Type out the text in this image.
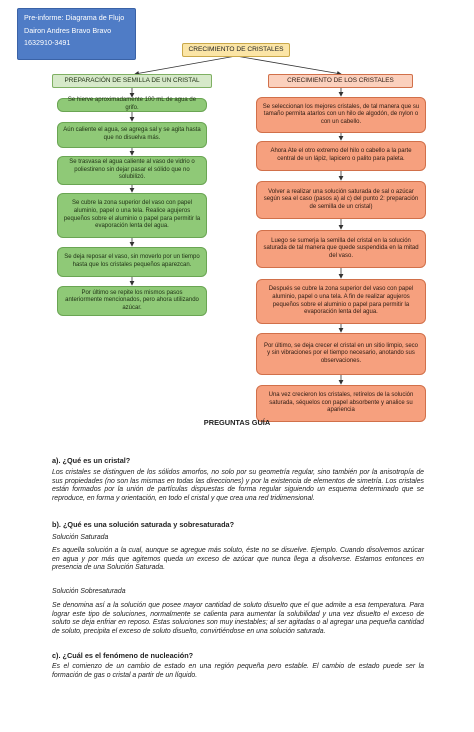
Pre-informe: Diagrama de Flujo
Dairon Andres Bravo Bravo
1632910-3491
CRECIMIENTO DE CRISTALES
PREPARACIÓN DE SEMILLA DE UN CRISTAL
Se hierve aproximadamente 100 mL de agua de grifo.
Aún caliente el agua, se agrega sal y se agita hasta que no disuelva más.
Se trasvasa el agua caliente al vaso de vidrio o poliestireno sin dejar pasar el sólido que no solubilizó.
Se cubre la zona superior del vaso con papel aluminio, papel o una tela. Realice agujeros pequeños sobre el aluminio o papel para permitir la evaporación lenta del agua.
Se deja reposar el vaso, sin moverlo por un tiempo hasta que los cristales pequeños aparezcan.
Por último se repite los mismos pasos anteriormente mencionados, pero ahora utilizando azúcar.
CRECIMIENTO DE LOS CRISTALES
Se seleccionan los mejores cristales, de tal manera que su tamaño permita atarlos con un hilo de algodón, de nylon o con un cabello.
Ahora Ate el otro extremo del hilo o cabello a la parte central de un lápiz, lapicero o palito para paleta.
Volver a realizar una solución saturada de sal o azúcar según sea el caso (pasos a) al c) del punto 2: preparación de semilla de un cristal)
Luego se sumerja la semilla del cristal en la solución saturada de tal manera que quede suspendida en la mitad del vaso.
Después se cubre la zona superior del vaso con papel aluminio, papel o una tela. A fin de realizar agujeros pequeños sobre el aluminio o papel para permitir la evaporación lenta del agua.
Por último, se deja crecer el cristal en un sitio limpio, seco y sin vibraciones por el tiempo necesario, anotando sus observaciones.
Una vez crecieron los cristales, retírelos de la solución saturada, séquelos con papel absorbente y analice su apariencia
PREGUNTAS GUÍA
a). ¿Qué es un cristal?
Los cristales se distinguen de los sólidos amorfos, no solo por su geometría regular, sino también por la anisotropía de sus propiedades (no son las mismas en todas las direcciones) y por la existencia de elementos de simetría. Los cristales están formados por la unión de partículas dispuestas de forma regular siguiendo un esquema determinado que se reproduce, en forma y orientación, en todo el cristal y que crea una red tridimensional.
b). ¿Qué es una solución saturada y sobresaturada?
Solución Saturada
Es aquella solución a la cual, aunque se agregue más soluto, éste no se disuelve. Ejemplo. Cuando disolvemos azúcar en agua y por más que agitemos queda un exceso de azúcar que nunca llega a disolverse. Estamos entonces en presencia de una Solución Saturada.
Solución Sobresaturada
Se denomina así a la solución que posee mayor cantidad de soluto disuelto que el que admite a esa temperatura. Para lograr este tipo de soluciones, normalmente se calienta para aumentar la solubilidad y una vez disuelto el exceso de soluto se deja enfriar en reposo. Estas soluciones son muy inestables; al ser agitadas o al agregar una pequeña cantidad de soluto, precipita el exceso de soluto disuelto, convirtiéndose en una solución saturada.
c). ¿Cuál es el fenómeno de nucleación?
Es el comienzo de un cambio de estado en una región pequeña pero estable. El cambio de estado puede ser la formación de gas o cristal a partir de un líquido.
